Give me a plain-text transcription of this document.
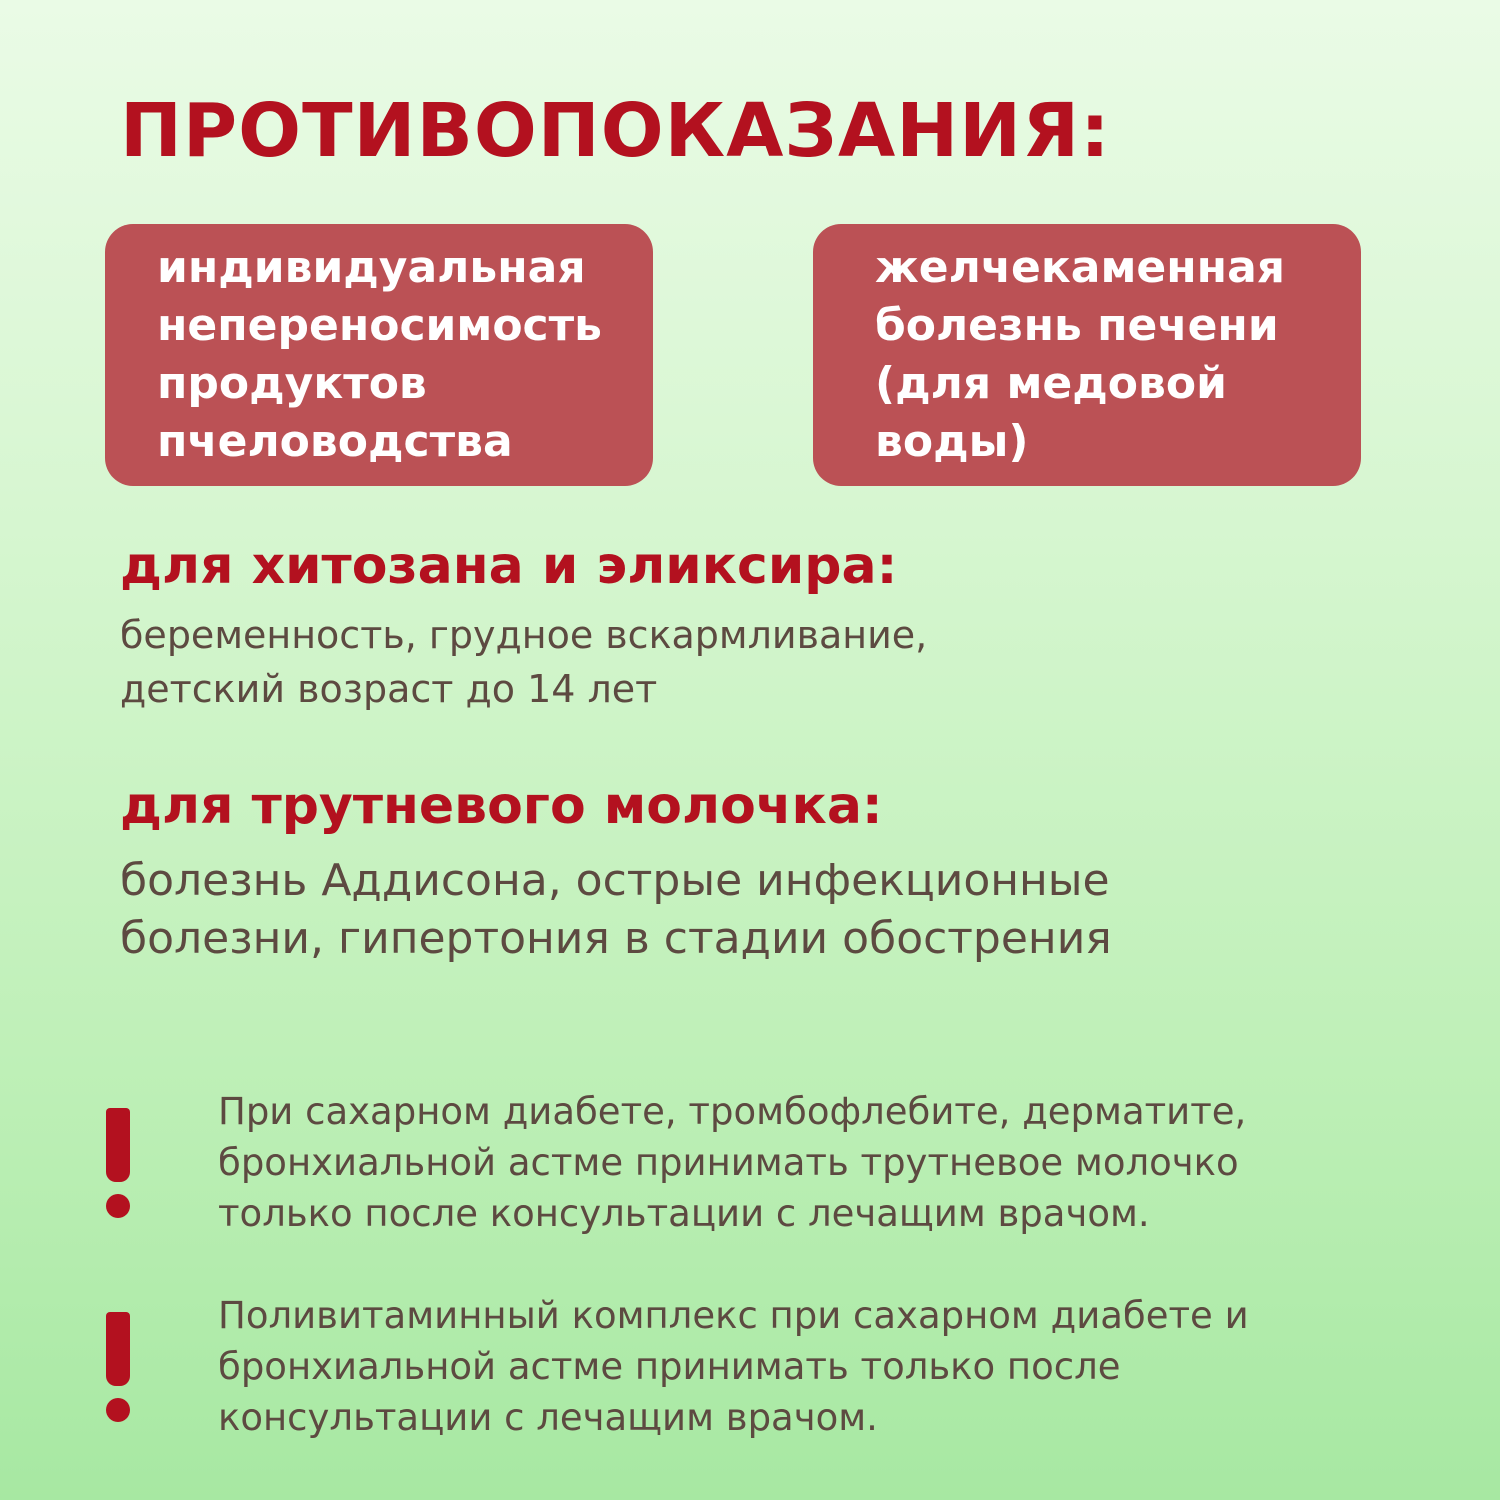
ПРОТИВОПОКАЗАНИЯ:
индивидуальная
непереносимость
продуктов
пчеловодства
желчекаменная
болезнь печени
(для медовой
воды)
для хитозана и эликсира:
беременность, грудное вскармливание,
детский возраст до 14 лет
для трутневого молочка:
болезнь Аддисона, острые инфекционные
болезни, гипертония в стадии обострения
При сахарном диабете, тромбофлебите, дерматите,
бронхиальной астме принимать трутневое молочко
только после консультации с лечащим врачом.
Поливитаминный комплекс при сахарном диабете и
бронхиальной астме принимать только после
консультации с лечащим врачом.
